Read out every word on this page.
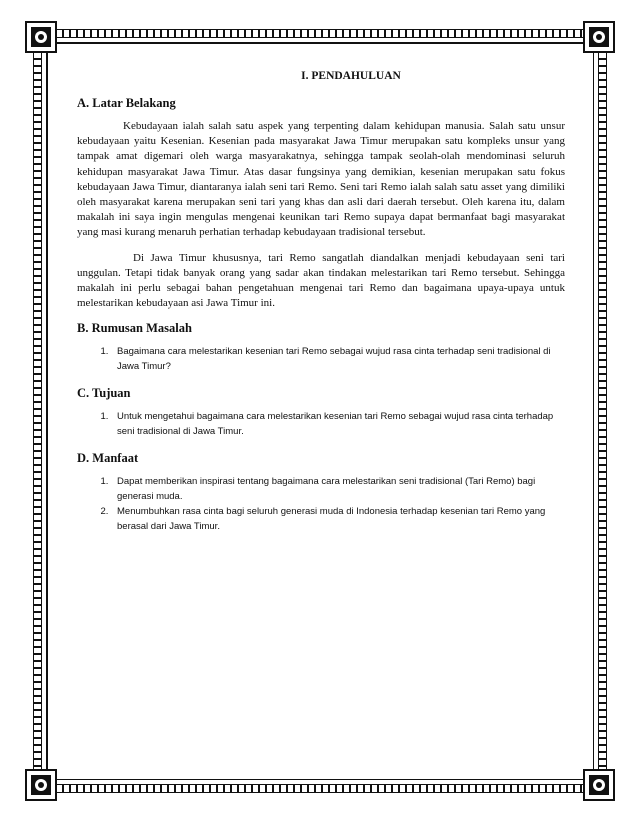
I. PENDAHULUAN
A. Latar Belakang

Kebudayaan ialah salah satu aspek yang terpenting dalam kehidupan manusia. Salah satu unsur kebudayaan yaitu Kesenian. Kesenian pada masyarakat Jawa Timur merupakan satu kompleks unsur yang tampak amat digemari oleh warga masyarakatnya, sehingga tampak seolah-olah mendominasi seluruh kehidupan masyarakat Jawa Timur. Atas dasar fungsinya yang demikian, kesenian merupakan satu fokus kebudayaan Jawa Timur, diantaranya ialah seni tari Remo. Seni tari Remo ialah salah satu asset yang dimiliki oleh masyarakat karena merupakan seni tari yang khas dan asli dari daerah tersebut. Oleh karena itu, dalam makalah ini saya ingin mengulas mengenai keunikan tari Remo supaya dapat bermanfaat bagi masyarakat yang masi kurang menaruh perhatian terhadap kebudayaan tradisional tersebut.

Di Jawa Timur khususnya, tari Remo sangatlah diandalkan menjadi kebudayaan seni tari unggulan. Tetapi tidak banyak orang yang sadar akan tindakan melestarikan tari Remo tersebut. Sehingga makalah ini perlu sebagai bahan pengetahuan mengenai tari Remo dan bagaimana upaya-upaya untuk melestarikan kebudayaan asi Jawa Timur ini.

B. Rumusan Masalah
1. Bagaimana cara melestarikan kesenian tari Remo sebagai wujud rasa cinta terhadap seni tradisional di Jawa Timur?
C. Tujuan
1. Untuk mengetahui bagaimana cara melestarikan kesenian tari Remo sebagai wujud rasa cinta terhadap seni tradisional di Jawa Timur.
D. Manfaat
1. Dapat memberikan inspirasi tentang bagaimana cara melestarikan seni tradisional (Tari Remo) bagi generasi muda.
2. Menumbuhkan rasa cinta bagi seluruh generasi muda di Indonesia terhadap kesenian tari Remo yang berasal dari Jawa Timur.
